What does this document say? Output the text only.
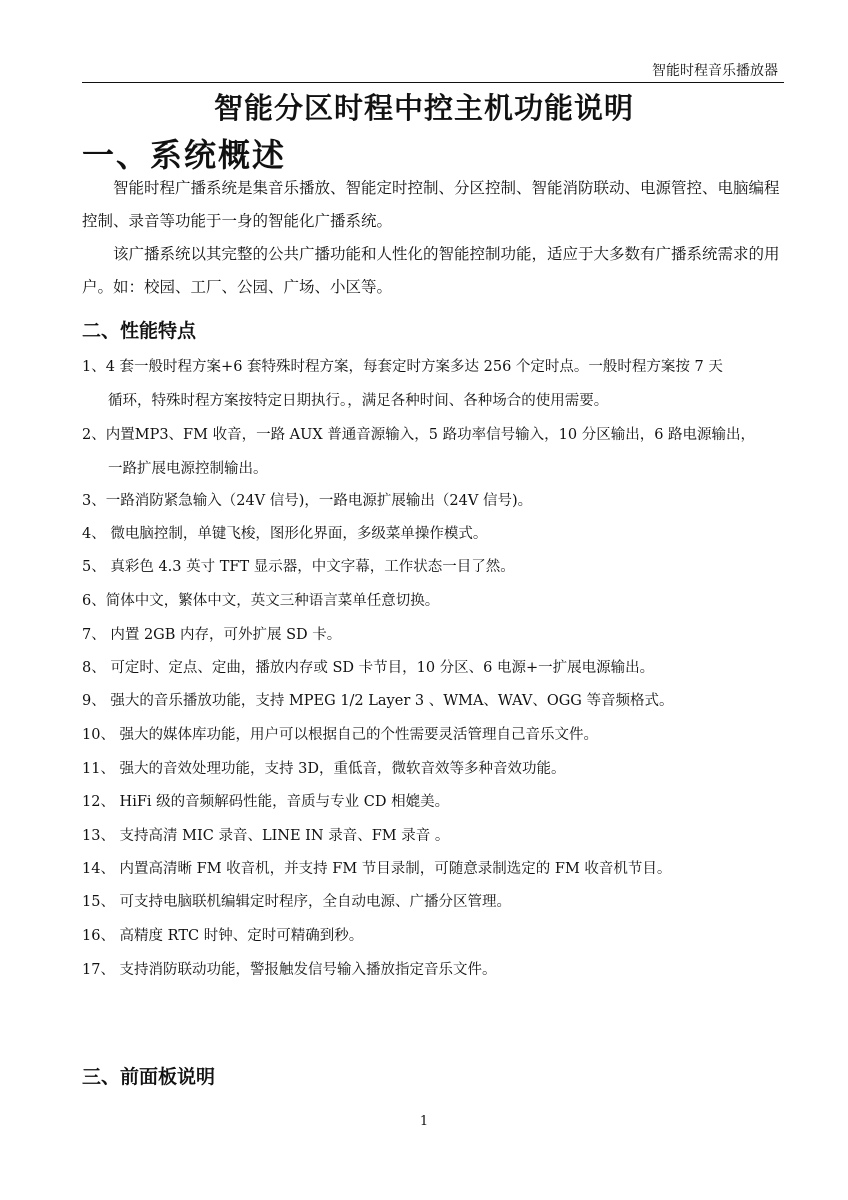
智能时程音乐播放器
智能分区时程中控主机功能说明
一、系统概述
智能时程广播系统是集音乐播放、智能定时控制、分区控制、智能消防联动、电源管控、电脑编程控制、录音等功能于一身的智能化广播系统。
该广播系统以其完整的公共广播功能和人性化的智能控制功能，适应于大多数有广播系统需求的用户。如：校园、工厂、公园、广场、小区等。
二、性能特点
1、4 套一般时程方案+6 套特殊时程方案，每套定时方案多达 256 个定时点。一般时程方案按 7 天
循环，特殊时程方案按特定日期执行。，满足各种时间、各种场合的使用需要。
2、内置MP3、FM 收音，一路 AUX 普通音源输入，5 路功率信号输入，10 分区输出，6 路电源输出，
一路扩展电源控制输出。
3、一路消防紧急输入（24V 信号)，一路电源扩展输出（24V 信号)。
4、 微电脑控制，单键飞梭，图形化界面，多级菜单操作模式。
5、 真彩色 4.3 英寸 TFT 显示器，中文字幕，工作状态一目了然。
6、简体中文，繁体中文，英文三种语言菜单任意切换。
7、 内置 2GB 内存，可外扩展 SD 卡。
8、 可定时、定点、定曲，播放内存或 SD 卡节目，10 分区、6 电源+一扩展电源输出。
9、 强大的音乐播放功能，支持 MPEG 1/2 Layer 3 、WMA、WAV、OGG 等音频格式。
10、 强大的媒体库功能，用户可以根据自己的个性需要灵活管理自己音乐文件。
11、 强大的音效处理功能，支持 3D，重低音，微软音效等多种音效功能。
12、 HiFi 级的音频解码性能，音质与专业 CD 相媲美。
13、 支持高清 MIC 录音、LINE IN 录音、FM 录音 。
14、 内置高清晰 FM 收音机，并支持 FM 节目录制，可随意录制选定的 FM 收音机节目。
15、 可支持电脑联机编辑定时程序，全自动电源、广播分区管理。
16、 高精度 RTC 时钟、定时可精确到秒。
17、 支持消防联动功能，警报触发信号输入播放指定音乐文件。
三、前面板说明
1
